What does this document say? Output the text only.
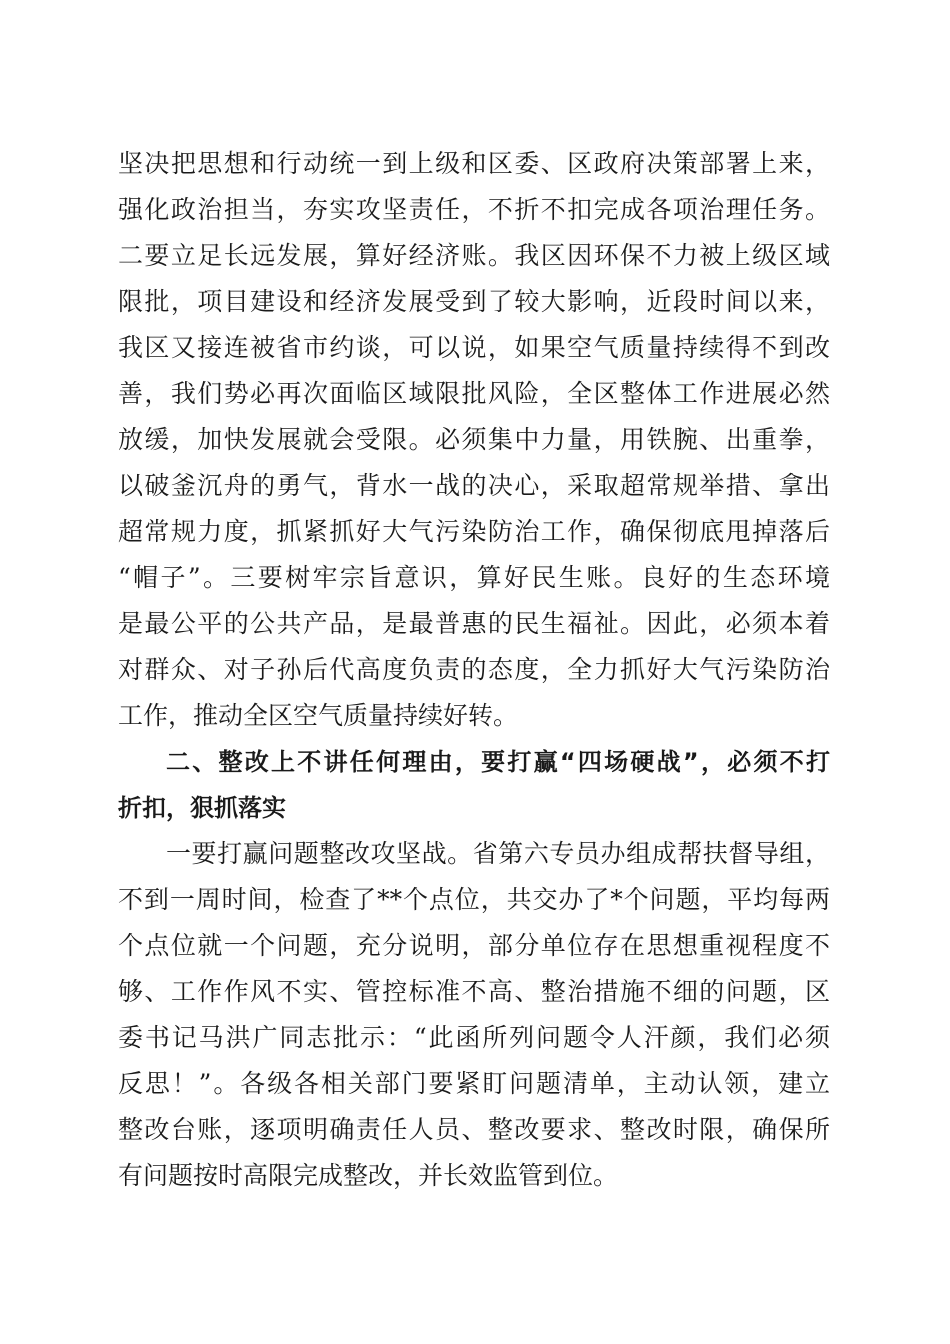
坚决把思想和行动统一到上级和区委、区政府决策部署上来，
强化政治担当，夯实攻坚责任，不折不扣完成各项治理任务。
二要立足长远发展，算好经济账。我区因环保不力被上级区域
限批，项目建设和经济发展受到了较大影响，近段时间以来，
我区又接连被省市约谈，可以说，如果空气质量持续得不到改
善，我们势必再次面临区域限批风险，全区整体工作进展必然
放缓，加快发展就会受限。必须集中力量，用铁腕、出重拳，
以破釜沉舟的勇气，背水一战的决心，采取超常规举措、拿出
超常规力度，抓紧抓好大气污染防治工作，确保彻底甩掉落后
“帽子”。三要树牢宗旨意识，算好民生账。良好的生态环境
是最公平的公共产品，是最普惠的民生福祉。因此，必须本着
对群众、对子孙后代高度负责的态度，全力抓好大气污染防治
工作，推动全区空气质量持续好转。
二、整改上不讲任何理由，要打赢“四场硬战”，必须不打
折扣，狠抓落实
一要打赢问题整改攻坚战。省第六专员办组成帮扶督导组，
不到一周时间，检查了**个点位，共交办了*个问题，平均每两
个点位就一个问题，充分说明，部分单位存在思想重视程度不
够、工作作风不实、管控标准不高、整治措施不细的问题，区
委书记马洪广同志批示：“此函所列问题令人汗颜，我们必须
反思！”。各级各相关部门要紧盯问题清单，主动认领，建立
整改台账，逐项明确责任人员、整改要求、整改时限，确保所
有问题按时高限完成整改，并长效监管到位。
